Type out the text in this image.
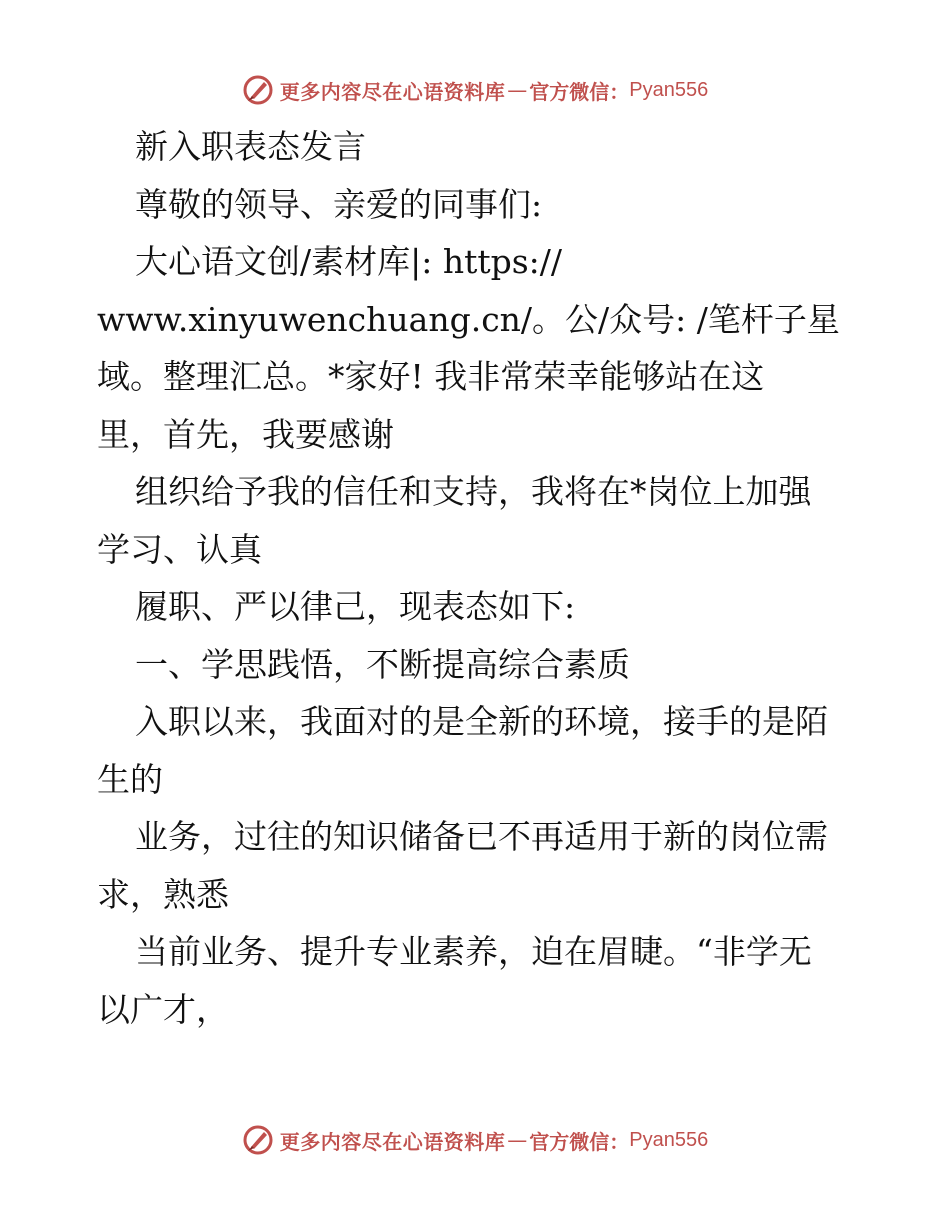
更多内容尽在心语资料库 — 官方微信： Pyan556
新入职表态发言
尊敬的领导、亲爱的同事们:
大心语文创/素材库|: https://
www.xinyuwenchuang.cn/。公/众号: /笔杆子星
域。整理汇总。*家好! 我非常荣幸能够站在这
里，首先，我要感谢
组织给予我的信任和支持，我将在*岗位上加强
学习、认真
履职、严以律己，现表态如下:
一、学思践悟，不断提高综合素质
入职以来，我面对的是全新的环境，接手的是陌
生的
业务，过往的知识储备已不再适用于新的岗位需
求，熟悉
当前业务、提升专业素养，迫在眉睫。“非学无
以广才，
更多内容尽在心语资料库 — 官方微信： Pyan556
